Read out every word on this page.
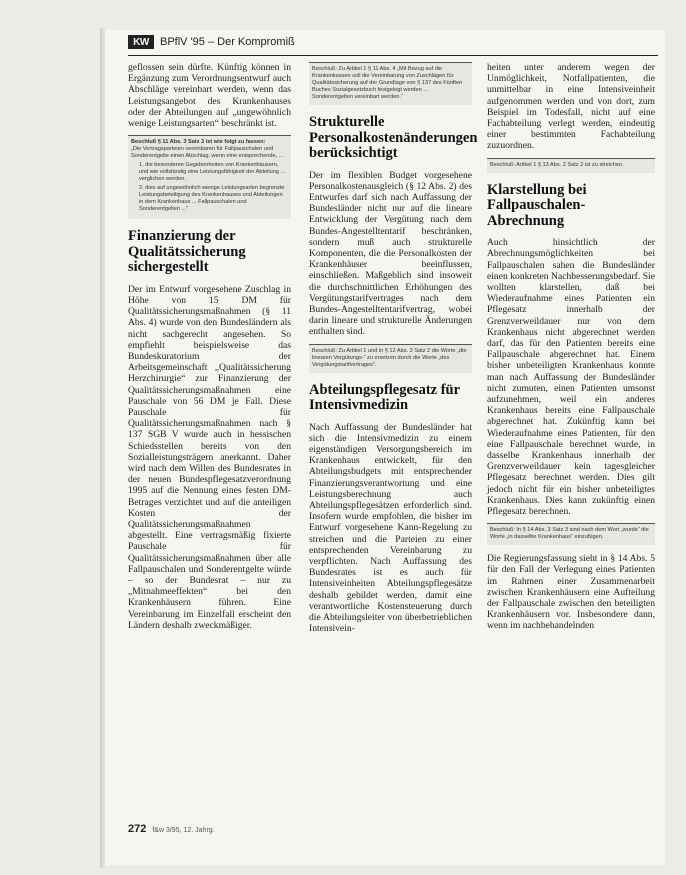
KW	BPflV '95 – Der Kompromiß

geflossen sein dürfte. Künftig können in Ergänzung zum Verordnungsentwurf auch Abschläge vereinbart werden, wenn das Leistungsangebot des Krankenhauses oder der Abteilungen auf „ungewöhnlich wenige Leistungsarten“ beschränkt ist.

Beschluß § 11 Abs. 3 Satz 3 ist wie folgt zu fassen:
„Die Vertragsparteien vereinbaren für Fallpauschalen und Sonderentgelte einen Abschlag, wenn eine entsprechende, ...
1. die besonderen Gegebenheiten von Krankenhäusern, und wie vollständig eine Leistungsfähigkeit der Abteilung ... verglichen werden.
2. dies auf ungewöhnlich wenige Leistungsarten begrenzte Leistungsbeteiligung des Krankenhauses und Abteilungen in dem Krankenhaus ... Fallpauschalen und Sonderentgelten ...“
Finanzierung der Qualitätssicherung sichergestellt

Der im Entwurf vorgesehene Zuschlag in Höhe von 15 DM für Qualitätssicherungsmaßnahmen (§ 11 Abs. 4) wurde von den Bundesländern als nicht sachgerecht angesehen. So empfiehlt beispielsweise das Bundeskuratorium der Arbeitsgemeinschaft „Qualitätssicherung Herzchirurgie“ zur Finanzierung der Qualitätssicherungsmaßnahmen eine Pauschale von 56 DM je Fall. Diese Pauschale für Qualitätssicherungsmaßnahmen nach § 137 SGB V wurde auch in hessischen Schiedsstellen bereits von den Sozialleistungsträgern anerkannt. Daher wird nach dem Willen des Bundesrates in der neuen Bundespflegesatzverordnung 1995 auf die Nennung eines festen DM-Betrages verzichtet und auf die anteiligen Kosten der Qualitätssicherungsmaßnahmen abgestellt. Eine vertragsmäßig fixierte Pauschale für Qualitätssicherungsmaßnahmen über alle Fallpauschalen und Sonderentgelte würde – so der Bundesrat – nur zu „Mitnahmeeffekten“ bei den Krankenhäusern führen. Eine Vereinbarung im Einzelfall erscheint den Ländern deshalb zweckmäßiger.

Beschluß: Zu Artikel 1 § 11 Abs. 4 „Mit Bezug auf die Krankenkassen soll die Vereinbarung von Zuschlägen für Qualitätssicherung auf der Grundlage von § 137 des Fünften Buches Sozialgesetzbuch festgelegt werden ... Sonderentgelten vereinbart werden.“
Strukturelle Personalkostenänderungen berücksichtigt

Der im flexiblen Budget vorgesehene Personalkostenausgleich (§ 12 Abs. 2) des Entwurfes darf sich nach Auffassung der Bundesländer nicht nur auf die lineare Entwicklung der Vergütung nach dem Bundes-Angestelltentarif beschränken, sondern muß auch strukturelle Komponenten, die die Personalkosten der Krankenhäuser beeinflussen, einschließen. Maßgeblich sind insoweit die durchschnittlichen Erhöhungen des Vergütungstarifvertrages nach dem Bundes-Angestelltentarifvertrag, wobei darin lineare und strukturelle Änderungen enthalten sind.

Beschluß: Zu Artikel 1 und in § 12 Abs. 2 Satz 2 die Worte „die linearen Vergütungs-“ zu ersetzen durch die Worte „des Vergütungstarifvertrages“.
Abteilungspflegesatz für Intensivmedizin

Nach Auffassung der Bundesländer hat sich die Intensivmedizin zu einem eigenständigen Versorgungsbereich im Krankenhaus entwickelt, für den Abteilungsbudgets mit entsprechender Finanzierungsverantwortung und eine Leistungsberechnung auch Abteilungspflegesätzen erforderlich sind. Insofern wurde empfohlen, die bisher im Entwurf vorgesehene Kann-Regelung zu streichen und die Parteien zu einer entsprechenden Vereinbarung zu verpflichten. Nach Auffassung des Bundesrates ist es auch für Intensiveinheiten Abteilungspflegesätze deshalb gebildet werden, damit eine verantwortliche Kostensteuerung durch die Abteilungsleiter von überbetrieblichen Intensivein-

heiten unter anderem wegen der Unmöglichkeit, Notfallpatienten, die unmittelbar in eine Intensiveinheit aufgenommen werden und von dort, zum Beispiel im Todesfall, nicht auf eine Fachabteilung verlegt werden, eindeutig einer bestimmten Fachabteilung zuzuordnen.

Beschluß: Artikel 1 § 13 Abs. 2 Satz 2 ist zu streichen.
Klarstellung bei Fallpauschalen-Abrechnung

Auch hinsichtlich der Abrechnungsmöglichkeiten bei Fallpauschalen sahen die Bundesländer einen konkreten Nachbesserungsbedarf. Sie wollten klarstellen, daß bei Wiederaufnahme eines Patienten ein Pflegesatz innerhalb der Grenzverweildauer nur von dem Krankenhaus nicht abgerechnet werden darf, das für den Patienten bereits eine Fallpauschale abgerechnet hat. Einem bisher unbeteiligten Krankenhaus konnte man nach Auffassung der Bundesländer nicht zumuten, einen Patienten umsonst aufzunehmen, weil ein anderes Krankenhaus bereits eine Fallpauschale abgerechnet hat. Zukünftig kann bei Wiederaufnahme eines Patienten, für den eine Fallpauschale berechnet wurde, in dasselbe Krankenhaus innerhalb der Grenzverweildauer kein tagesgleicher Pflegesatz berechnet werden. Dies gilt jedoch nicht für ein bisher unbeteiligtes Krankenhaus. Dies kann zukünftig einen Pflegesatz berechnen.

Beschluß: In § 14 Abs. 3 Satz 3 sind nach dem Wort „wurde“ die Worte „in dasselbe Krankenhaus“ einzufügen.

Die Regierungsfassung sieht in § 14 Abs. 5 für den Fall der Verlegung eines Patienten im Rahmen einer Zusammenarbeit zwischen Krankenhäusern eine Aufteilung der Fallpauschale zwischen den beteiligten Krankenhäusern vor. Insbesondere dann, wenn im nachbehandelnden

272 f&w 3/95, 12. Jahrg.
